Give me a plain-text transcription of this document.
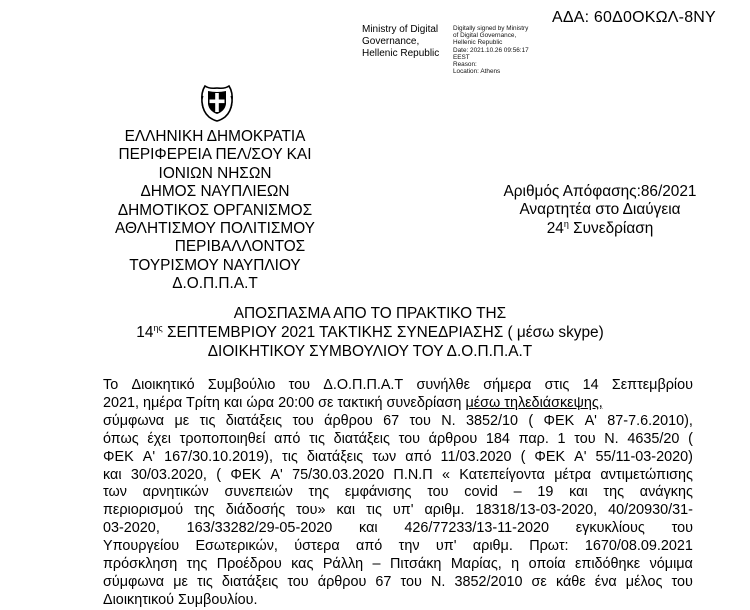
Ministry of Digital
Governance,
Hellenic Republic
Digitally signed by Ministry
of Digital Governance,
Hellenic Republic
Date: 2021.10.26 09:56:17
EEST
Reason:
Location: Athens
ΑΔΑ: 60Δ0ΟΚΩΛ-8ΝΥ
ΕΛΛΗΝΙΚΗ ΔΗΜΟΚΡΑΤΙΑ
ΠΕΡΙΦΕΡΕΙΑ ΠΕΛ/ΣΟΥ ΚΑΙ
ΙΟΝΙΩΝ ΝΗΣΩΝ
ΔΗΜΟΣ ΝΑΥΠΛΙΕΩΝ
ΔΗΜΟΤΙΚΟΣ ΟΡΓΑΝΙΣΜΟΣ
ΑΘΛΗΤΙΣΜΟΥ ΠΟΛΙΤΙΣΜΟΥ
ΠΕΡΙΒΑΛΛΟΝΤΟΣ
ΤΟΥΡΙΣΜΟΥ ΝΑΥΠΛΙΟΥ
Δ.Ο.Π.Π.Α.Τ
Αριθμός Απόφασης:86/2021
Αναρτητέα στο Διαύγεια
$24^\eta$ Συνεδρίαση
ΑΠΟΣΠΑΣΜΑ ΑΠΟ ΤΟ ΠΡΑΚΤΙΚΟ ΤΗΣ
$14^{\eta\varsigma}$ ΣΕΠΤΕΜΒΡΙΟΥ 2021 ΤΑΚΤΙΚΗΣ ΣΥΝΕΔΡΙΑΣΗΣ ( μέσω skype)
ΔΙΟΙΚΗΤΙΚΟΥ ΣΥΜΒΟΥΛΙΟΥ ΤΟΥ Δ.Ο.Π.Π.Α.Τ
Το Διοικητικό Συμβούλιο του Δ.Ο.Π.Π.Α.Τ συνήλθε σήμερα στις 14 Σεπτεμβρίου
2021, ημέρα Τρίτη και ώρα 20:00 σε τακτική συνεδρίαση
μέσω τηλεδιάσκεψης,
σύμφωνα με τις διατάξεις του άρθρου 67 του Ν. 3852/10 ( ΦΕΚ Α' 87-7.6.2010),
όπως έχει τροποποιηθεί από τις διατάξεις του άρθρου 184 παρ. 1 του Ν. 4635/20 (
ΦΕΚ Α' 167/30.10.2019), τις διατάξεις των από 11/03.2020 ( ΦΕΚ Α' 55/11-03-2020)
και 30/03.2020, ( ΦΕΚ Α' 75/30.03.2020 Π.Ν.Π « Κατεπείγοντα μέτρα αντιμετώπισης
των αρνητικών συνεπειών της εμφάνισης του covid – 19 και της ανάγκης
περιορισμού της διάδοσής του» και τις υπ' αριθμ. 18318/13-03-2020, 40/20930/31-
03-2020, 163/33282/29-05-2020 και 426/77233/13-11-2020 εγκυκλίους του
Υπουργείου Εσωτερικών, ύστερα από την υπ' αριθμ. Πρωτ: 1670/08.09.2021
πρόσκληση της Προέδρου κας Ράλλη – Πιτσάκη Μαρίας, η οποία επιδόθηκε νόμιμα
σύμφωνα με τις διατάξεις του άρθρου 67 του Ν. 3852/2010 σε κάθε ένα μέλος του
Διοικητικού Συμβουλίου.
